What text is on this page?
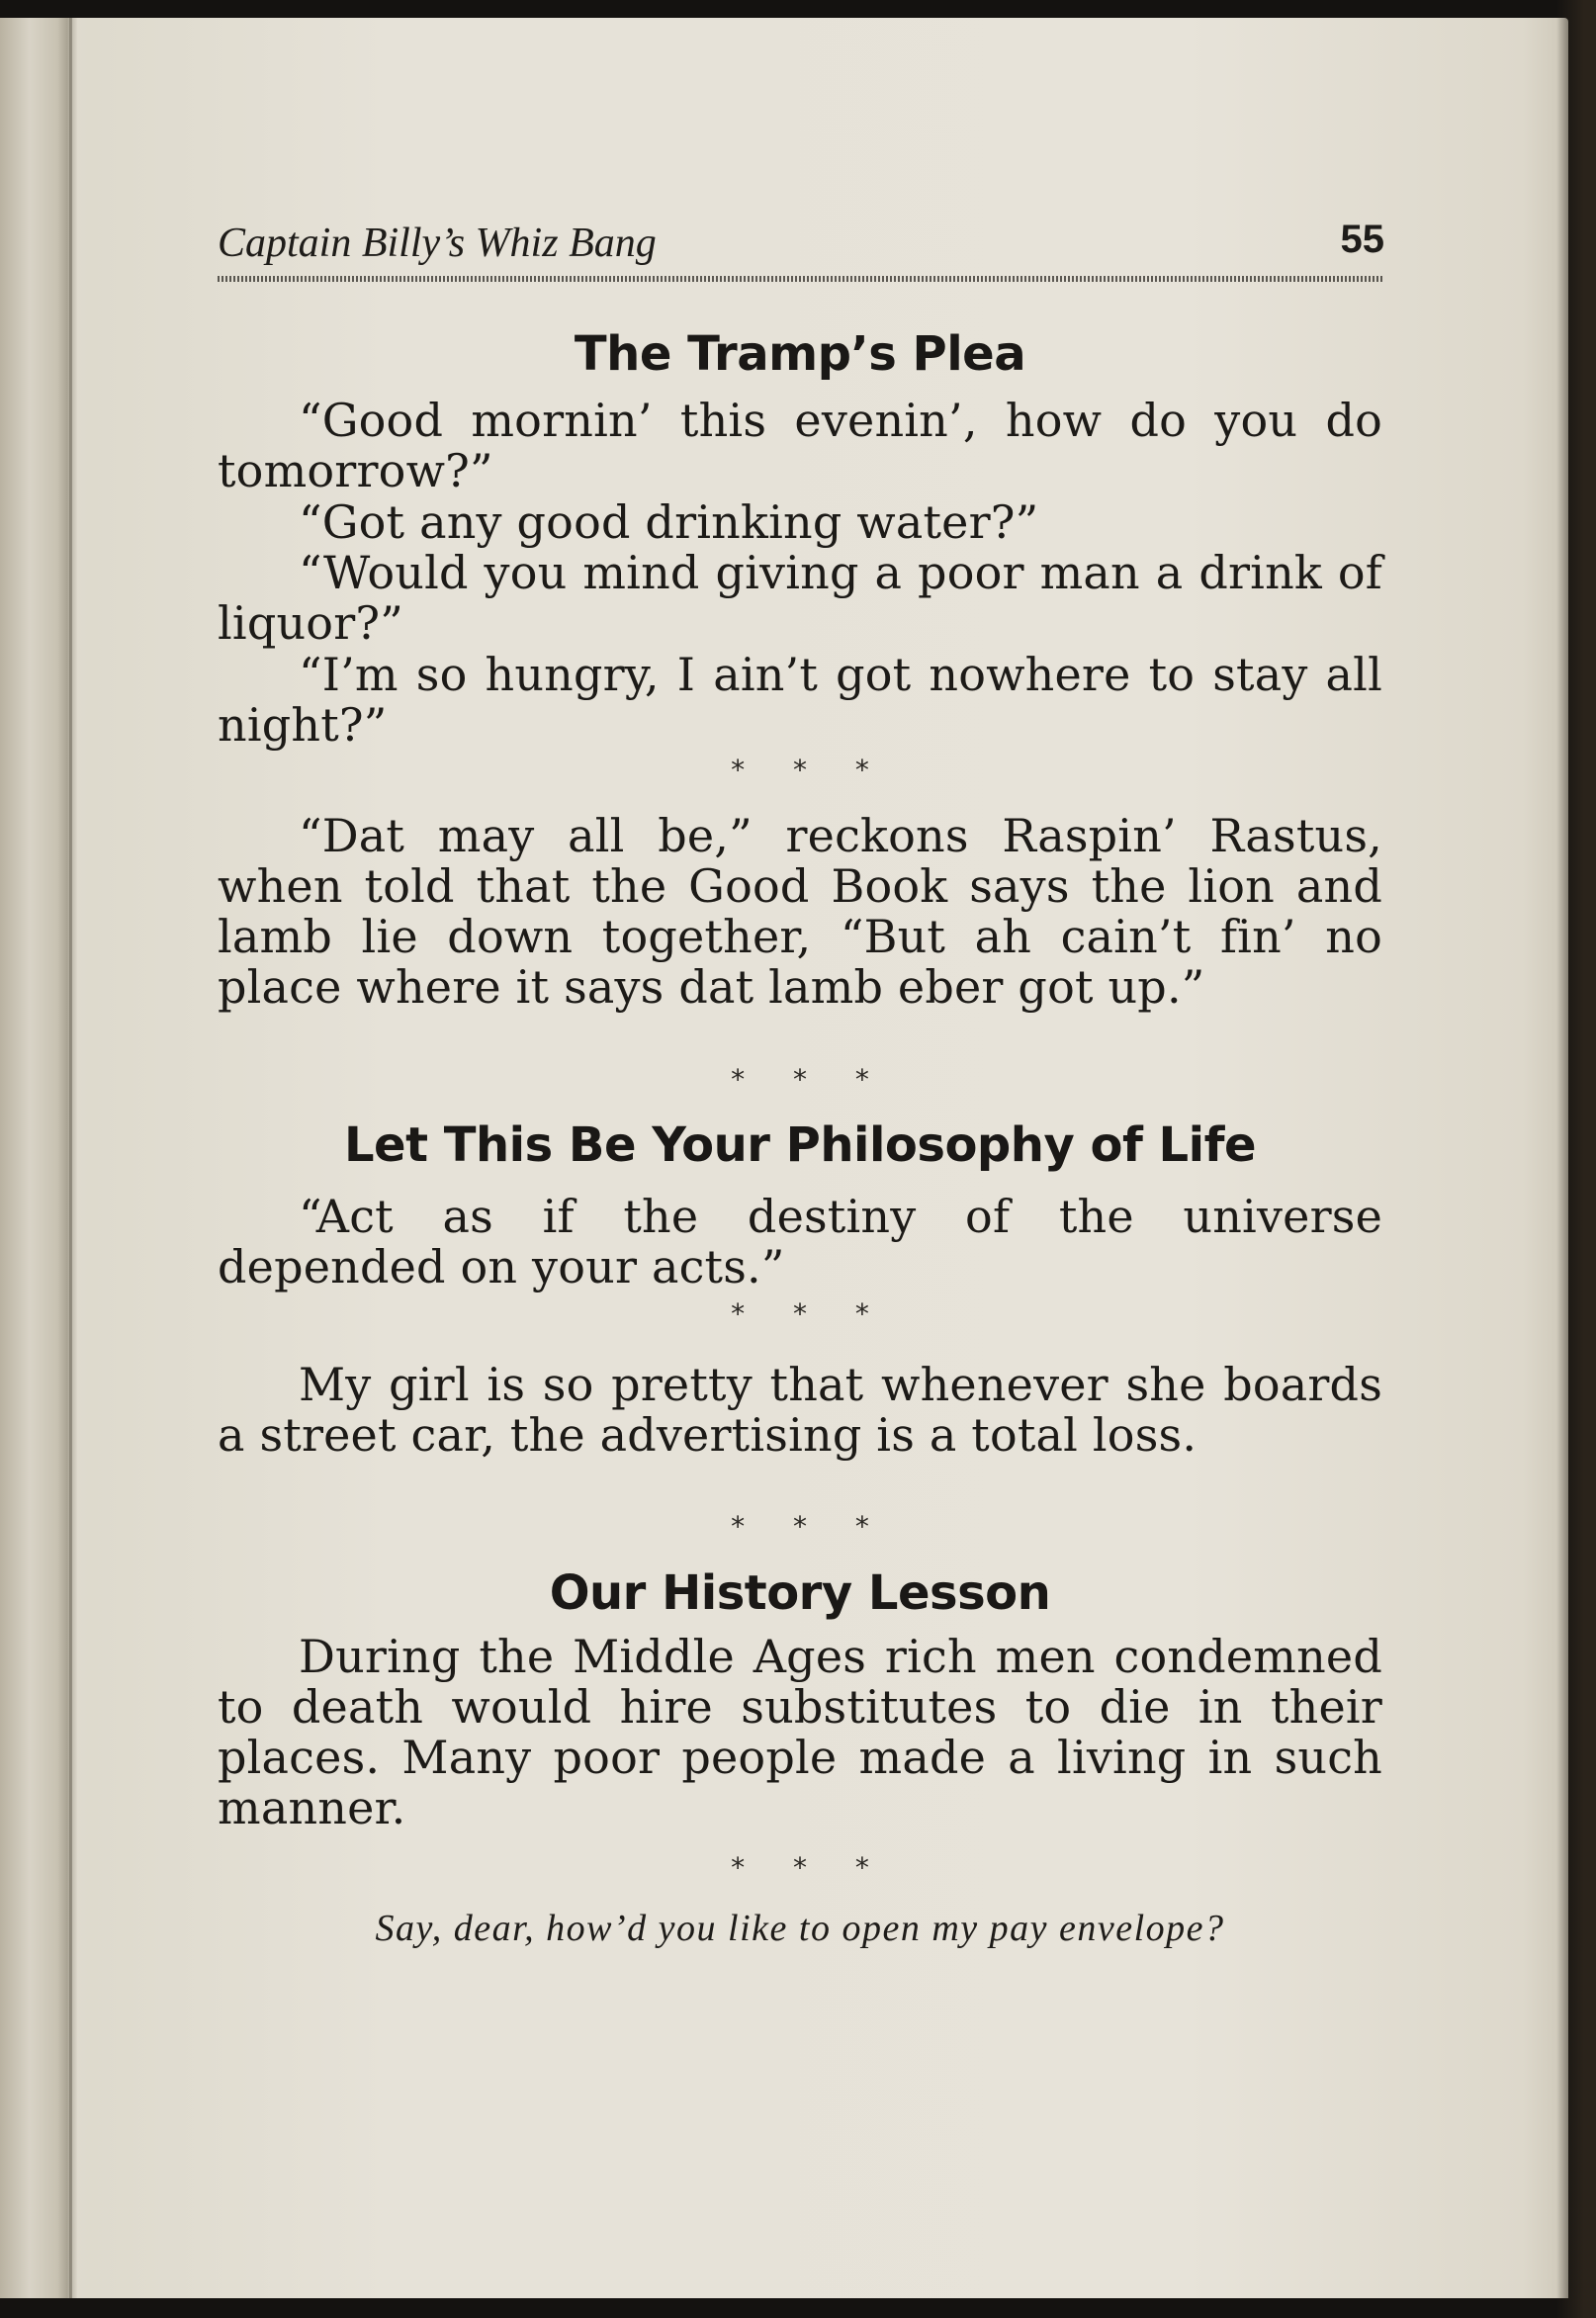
Captain Billy’s Whiz Bang	55
The Tramp’s Plea
“Good mornin’ this evenin’, how do you do tomorrow?”
“Got any good drinking water?”
“Would you mind giving a poor man a drink of liquor?”
“I’m so hungry, I ain’t got nowhere to stay all night?”
* * *
“Dat may all be,” reckons Raspin’ Rastus, when told that the Good Book says the lion and lamb lie down together, “But ah cain’t fin’ no place where it says dat lamb eber got up.”
* * *
Let This Be Your Philosophy of Life
“Act as if the destiny of the universe depended on your acts.”
* * *
My girl is so pretty that whenever she boards a street car, the advertising is a total loss.
* * *
Our History Lesson
During the Middle Ages rich men condemned to death would hire substitutes to die in their places. Many poor people made a living in such manner.
* * *
Say, dear, how’d you like to open my pay envelope?
